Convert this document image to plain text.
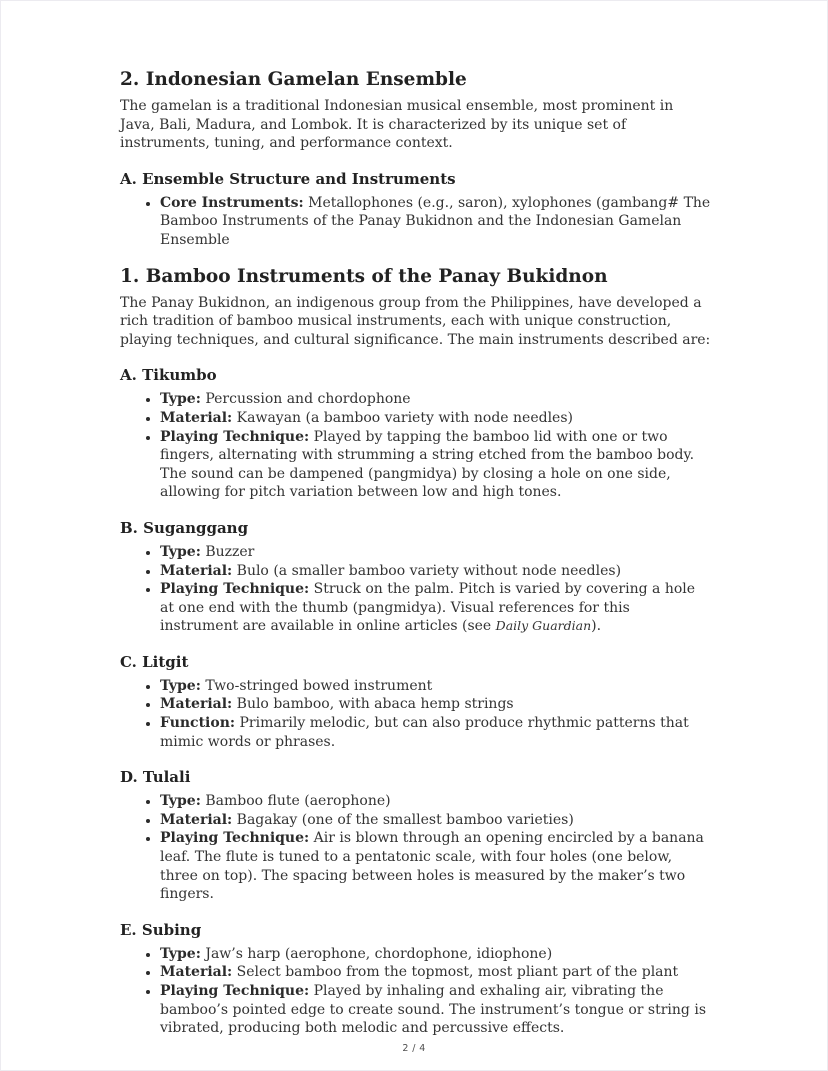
2. Indonesian Gamelan Ensemble

The gamelan is a traditional Indonesian musical ensemble, most prominent in Java, Bali, Madura, and Lombok. It is characterized by its unique set of instruments, tuning, and performance context.

A. Ensemble Structure and Instruments
• Core Instruments: Metallophones (e.g., saron), xylophones (gambang# The Bamboo Instruments of the Panay Bukidnon and the Indonesian Gamelan Ensemble
1. Bamboo Instruments of the Panay Bukidnon

The Panay Bukidnon, an indigenous group from the Philippines, have developed a rich tradition of bamboo musical instruments, each with unique construction, playing techniques, and cultural significance. The main instruments described are:

A. Tikumbo
• Type: Percussion and chordophone
• Material: Kawayan (a bamboo variety with node needles)
• Playing Technique: Played by tapping the bamboo lid with one or two fingers, alternating with strumming a string etched from the bamboo body. The sound can be dampened (pangmidya) by closing a hole on one side, allowing for pitch variation between low and high tones.
B. Suganggang
• Type: Buzzer
• Material: Bulo (a smaller bamboo variety without node needles)
• Playing Technique: Struck on the palm. Pitch is varied by covering a hole at one end with the thumb (pangmidya). Visual references for this instrument are available in online articles (see Daily Guardian).
C. Litgit
• Type: Two-stringed bowed instrument
• Material: Bulo bamboo, with abaca hemp strings
• Function: Primarily melodic, but can also produce rhythmic patterns that mimic words or phrases.
D. Tulali
• Type: Bamboo flute (aerophone)
• Material: Bagakay (one of the smallest bamboo varieties)
• Playing Technique: Air is blown through an opening encircled by a banana leaf. The flute is tuned to a pentatonic scale, with four holes (one below, three on top). The spacing between holes is measured by the maker’s two fingers.
E. Subing
• Type: Jaw’s harp (aerophone, chordophone, idiophone)
• Material: Select bamboo from the topmost, most pliant part of the plant
• Playing Technique: Played by inhaling and exhaling air, vibrating the bamboo’s pointed edge to create sound. The instrument’s tongue or string is vibrated, producing both melodic and percussive effects.
2 / 4
